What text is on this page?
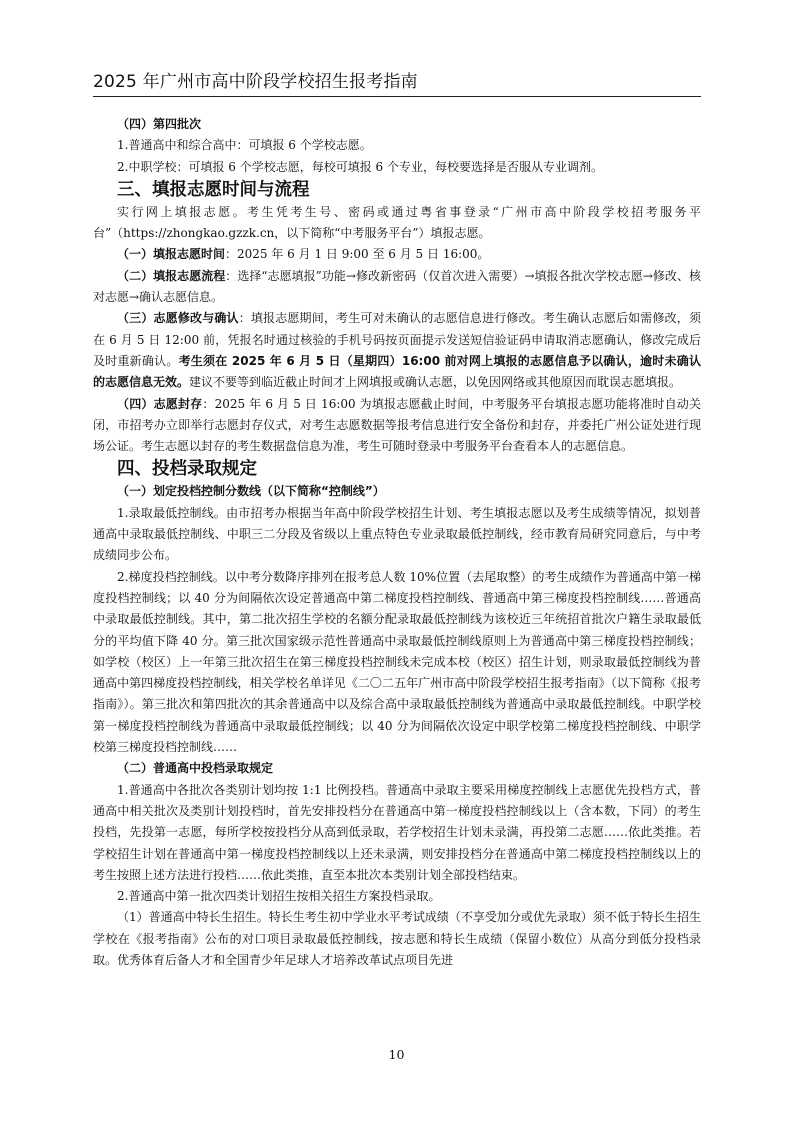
2025 年广州市高中阶段学校招生报考指南

（四）第四批次

1.普通高中和综合高中：可填报 6 个学校志愿。

2.中职学校：可填报 6 个学校志愿，每校可填报 6 个专业，每校要选择是否服从专业调剂。

三、填报志愿时间与流程

实行网上填报志愿。考生凭考生号、密码或通过粤省事登录“广州市高中阶段学校招考服务平台”（https://zhongkao.gzzk.cn，以下简称“中考服务平台”）填报志愿。

（一）填报志愿时间：2025 年 6 月 1 日 9:00 至 6 月 5 日 16:00。

（二）填报志愿流程：选择“志愿填报”功能→修改新密码（仅首次进入需要）→填报各批次学校志愿→修改、核对志愿→确认志愿信息。

（三）志愿修改与确认：填报志愿期间，考生可对未确认的志愿信息进行修改。考生确认志愿后如需修改，须在 6 月 5 日 12:00 前，凭报名时通过核验的手机号码按页面提示发送短信验证码申请取消志愿确认，修改完成后及时重新确认。考生须在 2025 年 6 月 5 日（星期四）16:00 前对网上填报的志愿信息予以确认，逾时未确认的志愿信息无效。建议不要等到临近截止时间才上网填报或确认志愿，以免因网络或其他原因而耽误志愿填报。

（四）志愿封存：2025 年 6 月 5 日 16:00 为填报志愿截止时间，中考服务平台填报志愿功能将准时自动关闭，市招考办立即举行志愿封存仪式，对考生志愿数据等报考信息进行安全备份和封存，并委托广州公证处进行现场公证。考生志愿以封存的考生数据盘信息为准，考生可随时登录中考服务平台查看本人的志愿信息。

四、投档录取规定

（一）划定投档控制分数线（以下简称“控制线”）

1.录取最低控制线。由市招考办根据当年高中阶段学校招生计划、考生填报志愿以及考生成绩等情况，拟划普通高中录取最低控制线、中职三二分段及省级以上重点特色专业录取最低控制线，经市教育局研究同意后，与中考成绩同步公布。

2.梯度投档控制线。以中考分数降序排列在报考总人数 10%位置（去尾取整）的考生成绩作为普通高中第一梯度投档控制线；以 40 分为间隔依次设定普通高中第二梯度投档控制线、普通高中第三梯度投档控制线……普通高中录取最低控制线。其中，第二批次招生学校的名额分配录取最低控制线为该校近三年统招首批次户籍生录取最低分的平均值下降 40 分。第三批次国家级示范性普通高中录取最低控制线原则上为普通高中第三梯度投档控制线；如学校（校区）上一年第三批次招生在第三梯度投档控制线未完成本校（校区）招生计划，则录取最低控制线为普通高中第四梯度投档控制线，相关学校名单详见《二〇二五年广州市高中阶段学校招生报考指南》（以下简称《报考指南》）。第三批次和第四批次的其余普通高中以及综合高中录取最低控制线为普通高中录取最低控制线。中职学校第一梯度投档控制线为普通高中录取最低控制线；以 40 分为间隔依次设定中职学校第二梯度投档控制线、中职学校第三梯度投档控制线……

（二）普通高中投档录取规定

1.普通高中各批次各类别计划均按 1:1 比例投档。普通高中录取主要采用梯度控制线上志愿优先投档方式，普通高中相关批次及类别计划投档时，首先安排投档分在普通高中第一梯度投档控制线以上（含本数，下同）的考生投档，先投第一志愿，每所学校按投档分从高到低录取，若学校招生计划未录满，再投第二志愿……依此类推。若学校招生计划在普通高中第一梯度投档控制线以上还未录满，则安排投档分在普通高中第二梯度投档控制线以上的考生按照上述方法进行投档……依此类推，直至本批次本类别计划全部投档结束。

2.普通高中第一批次四类计划招生按相关招生方案投档录取。

（1）普通高中特长生招生。特长生考生初中学业水平考试成绩（不享受加分或优先录取）须不低于特长生招生学校在《报考指南》公布的对口项目录取最低控制线，按志愿和特长生成绩（保留小数位）从高分到低分投档录取。优秀体育后备人才和全国青少年足球人才培养改革试点项目先进

10
